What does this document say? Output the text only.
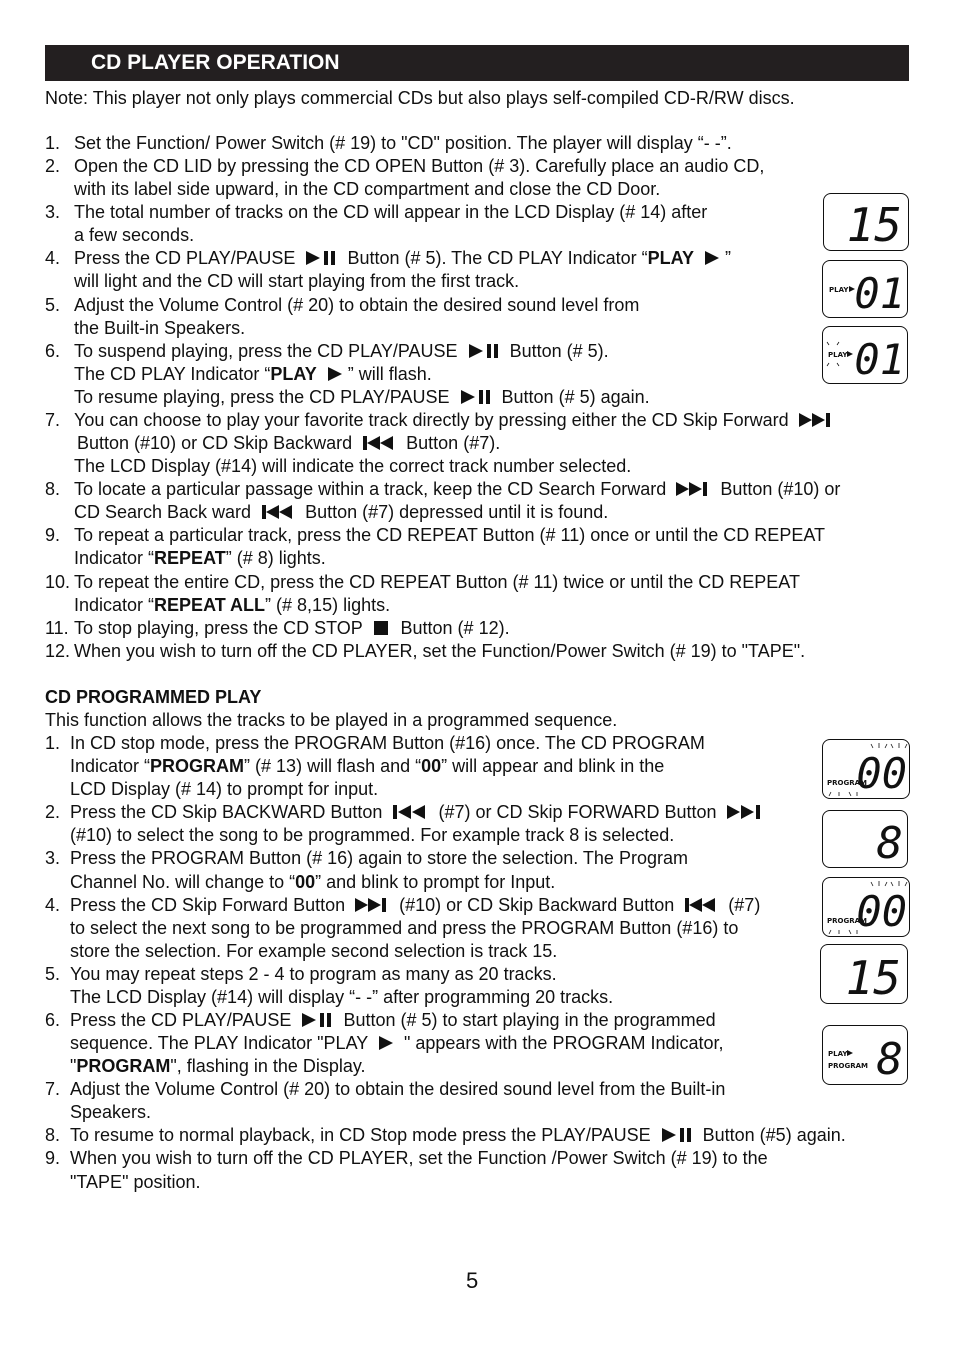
CD PLAYER OPERATION
Note: This player not only plays commercial CDs but also plays self-compiled CD-R/RW discs.
1. Set the Function/ Power Switch (# 19) to "CD" position. The player will display “- -”.
2. Open the CD LID by pressing the CD OPEN Button (# 3). Carefully place an audio CD,
with its label side upward, in the CD compartment and close the CD Door.
3. The total number of tracks on the CD will appear in the LCD Display (# 14) after
a few seconds.
4. Press the CD PLAY/PAUSE	Button (# 5). The CD PLAY Indicator “PLAY ”
will light and the CD will start playing from the first track.
5. Adjust the Volume Control (# 20) to obtain the desired sound level from
the Built-in Speakers.
6. To suspend playing, press the CD PLAY/PAUSE	Button (# 5).
The CD PLAY Indicator “PLAY ” will flash.
To resume playing, press the CD PLAY/PAUSE	Button (# 5) again.
7. You can choose to play your favorite track directly by pressing either the CD Skip Forward
Button (#10) or CD Skip Backward	Button (#7).
The LCD Display (#14) will indicate the correct track number selected.
8. To locate a particular passage within a track, keep the CD Search Forward	Button (#10) or
CD Search Back ward	Button (#7) depressed until it is found.
9. To repeat a particular track, press the CD REPEAT Button (# 11) once or until the CD REPEAT
Indicator “REPEAT” (# 8) lights.
10. To repeat the entire CD, press the CD REPEAT Button (# 11) twice or until the CD REPEAT
Indicator “REPEAT ALL” (# 8,15) lights.
11. To stop playing, press the CD STOP Button (# 12).
12. When you wish to turn off the CD PLAYER, set the Function/Power Switch (# 19) to "TAPE".
CD PROGRAMMED PLAY
This function allows the tracks to be played in a programmed sequence.
1. In CD stop mode, press the PROGRAM Button (#16) once. The CD PROGRAM
Indicator “PROGRAM” (# 13) will flash and “00” will appear and blink in the
LCD Display (# 14) to prompt for input.
2. Press the CD Skip BACKWARD Button	(#7) or CD Skip FORWARD Button
(#10) to select the song to be programmed. For example track 8 is selected.
3. Press the PROGRAM Button (# 16) again to store the selection. The Program
Channel No. will change to “00” and blink to prompt for Input.
4. Press the CD Skip Forward Button	(#10) or CD Skip Backward Button	(#7)
to select the next song to be programmed and press the PROGRAM Button (#16) to
store the selection. For example second selection is track 15.
5. You may repeat steps 2 - 4 to program as many as 20 tracks.
The LCD Display (#14) will display “- -” after programming 20 tracks.
6. Press the CD PLAY/PAUSE	Button (# 5) to start playing in the programmed
sequence. The PLAY Indicator "PLAY " appears with the PROGRAM Indicator,
"PROGRAM", flashing in the Display.
7. Adjust the Volume Control (# 20) to obtain the desired sound level from the Built-in
Speakers.
8. To resume to normal playback, in CD Stop mode press the PLAY/PAUSE	Button (#5) again.
9. When you wish to turn off the CD PLAYER, set the Function /Power Switch (# 19) to the
"TAPE" position.
15
PLAY 01
PLAY 01
PROGRAM
00
8
PROGRAM
00
15
PLAY
PROGRAM 8
5
